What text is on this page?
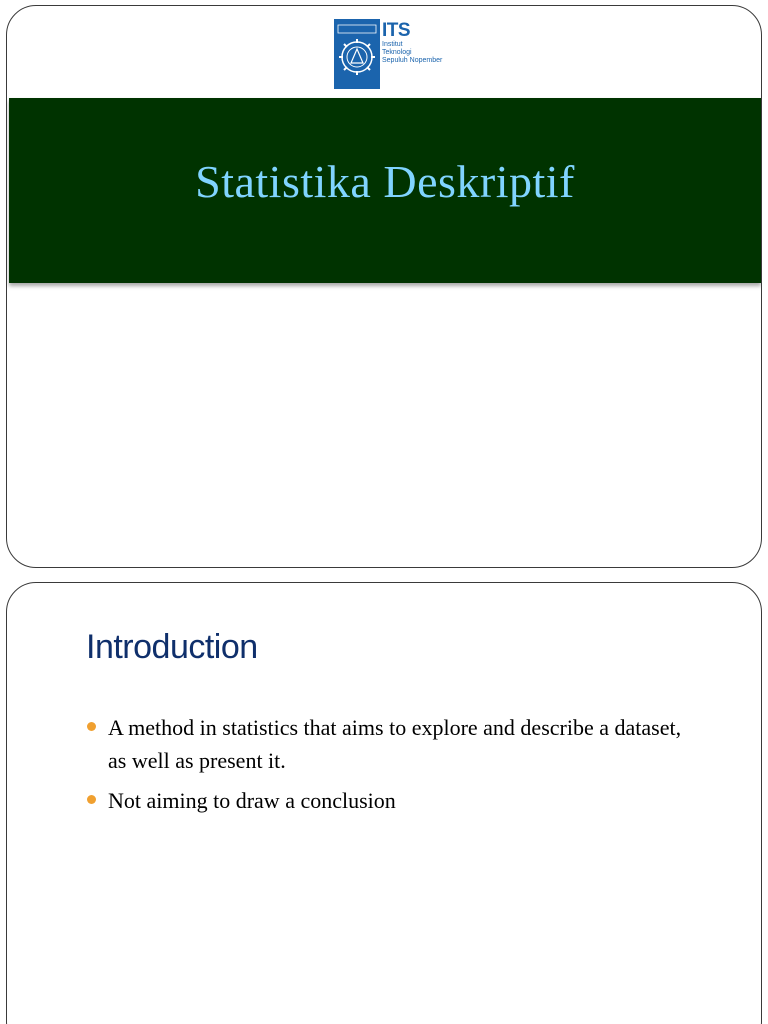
ITS
Institut
Teknologi
Sepuluh Nopember
Statistika Deskriptif
Introduction
A method in statistics that aims to explore and describe a dataset, as well as present it.
Not aiming to draw a conclusion
